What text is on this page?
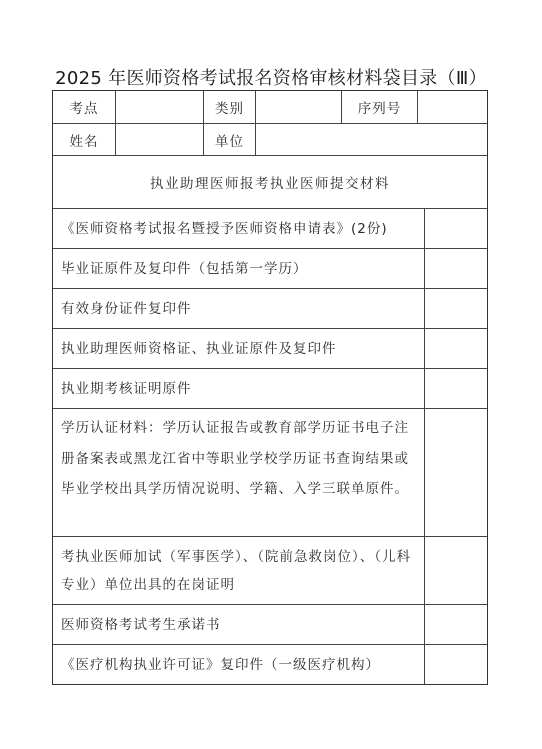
2025 年医师资格考试报名资格审核材料袋目录（Ⅲ）
考点	类别	序列号
姓名	单位
执业助理医师报考执业医师提交材料
《医师资格考试报名暨授予医师资格申请表》(2份)
毕业证原件及复印件（包括第一学历）
有效身份证件复印件
执业助理医师资格证、执业证原件及复印件
执业期考核证明原件
学历认证材料：学历认证报告或教育部学历证书电子注册备案表或黑龙江省中等职业学校学历证书查询结果或毕业学校出具学历情况说明、学籍、入学三联单原件。
考执业医师加试（军事医学）、（院前急救岗位）、（儿科专业）单位出具的在岗证明
医师资格考试考生承诺书
《医疗机构执业许可证》复印件（一级医疗机构）
